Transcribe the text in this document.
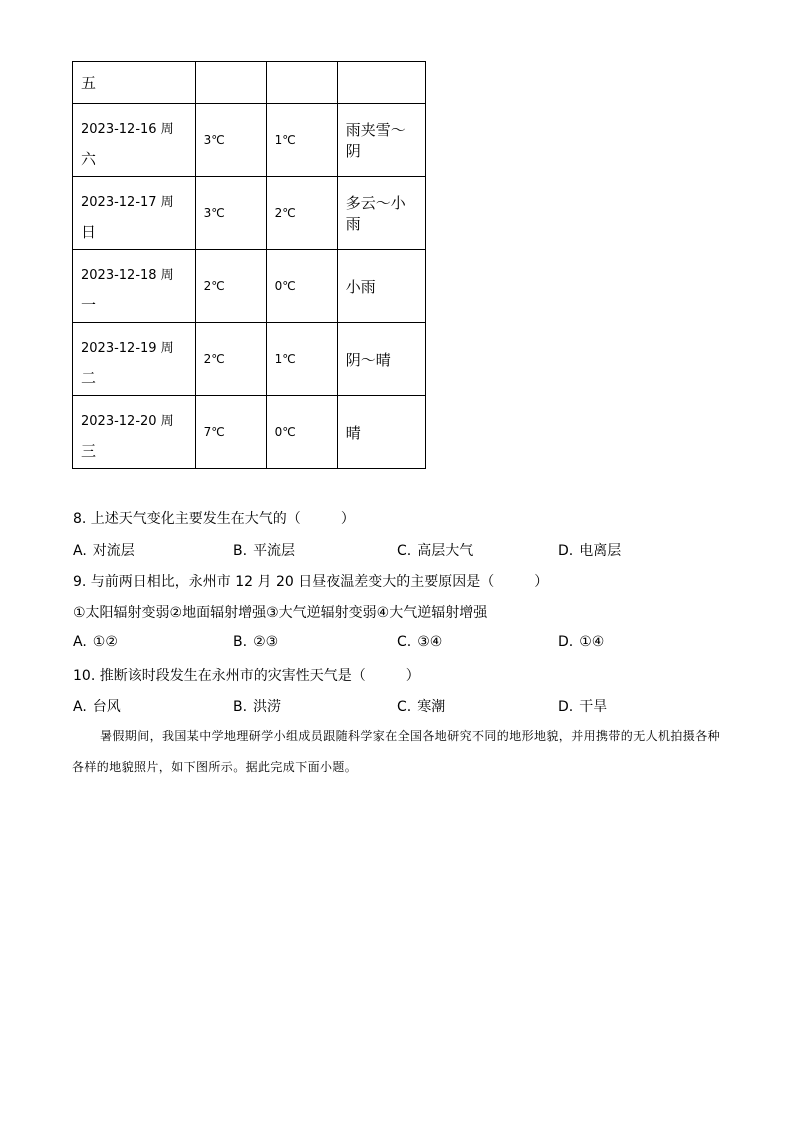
五			

2023-12-16 周
六	3℃	1℃	雨夹雪～阴

2023-12-17 周
日	3℃	2℃	多云～小雨

2023-12-18 周
一	2℃	0℃	小雨

2023-12-19 周
二	2℃	1℃	阴～晴

2023-12-20 周
三	7℃	0℃	晴
8. 上述天气变化主要发生在大气的（	）
A. 对流层	B. 平流层	C. 高层大气	D. 电离层
9. 与前两日相比，永州市 12 月 20 日昼夜温差变大的主要原因是（	）
①太阳辐射变弱②地面辐射增强③大气逆辐射变弱④大气逆辐射增强
A. ①②	B. ②③	C. ③④	D. ①④
10. 推断该时段发生在永州市的灾害性天气是（	）
A. 台风	B. 洪涝	C. 寒潮	D. 干旱
暑假期间，我国某中学地理研学小组成员跟随科学家在全国各地研究不同的地形地貌，并用携带的无人机拍摄各种各样的地貌照片，如下图所示。据此完成下面小题。
